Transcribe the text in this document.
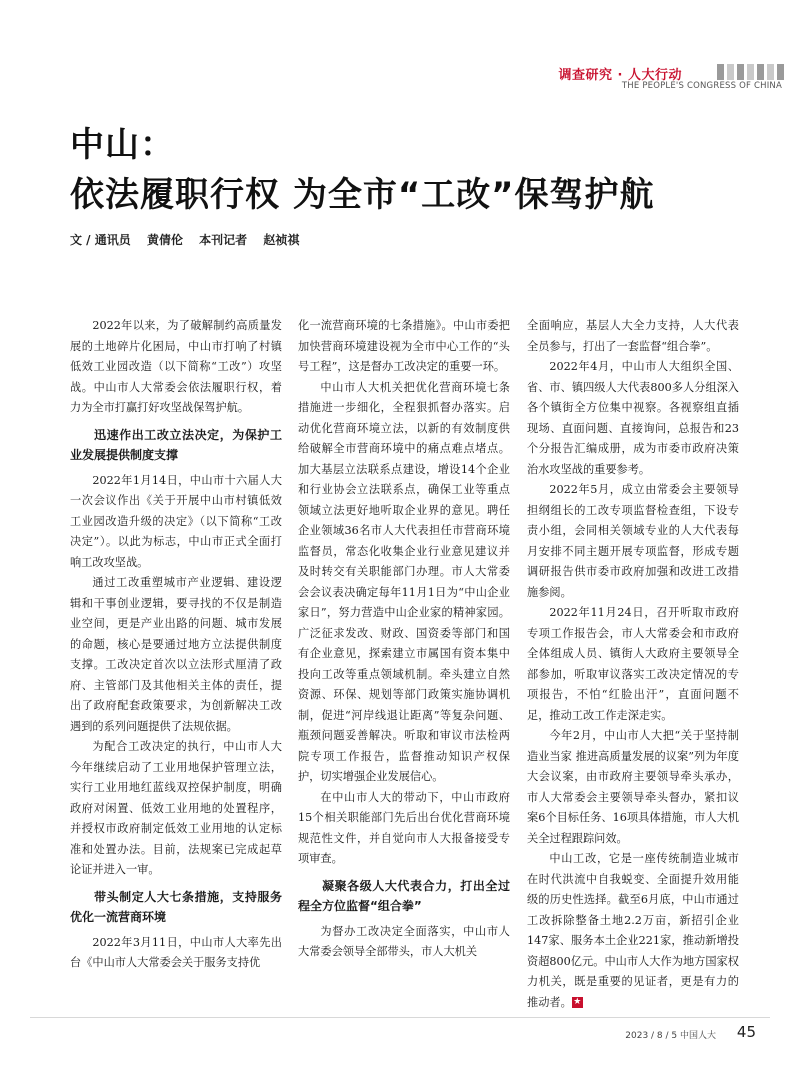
调查研究 · 人大行动
THE PEOPLE'S CONGRESS OF CHINA
中山：
依法履职行权 为全市“工改”保驾护航
文 / 通讯员 黄倩伦 本刊记者 赵祯祺

2022年以来，为了破解制约高质量发展的土地碎片化困局，中山市打响了村镇低效工业园改造（以下简称“工改”）攻坚战。中山市人大常委会依法履职行权，着力为全市打赢打好攻坚战保驾护航。

迅速作出工改立法决定，为保护工业发展提供制度支撑

2022年1月14日，中山市十六届人大一次会议作出《关于开展中山市村镇低效工业园改造升级的决定》（以下简称“工改决定”）。以此为标志，中山市正式全面打响工改攻坚战。

通过工改重塑城市产业逻辑、建设逻辑和干事创业逻辑，要寻找的不仅是制造业空间，更是产业出路的问题、城市发展的命题，核心是要通过地方立法提供制度支撑。工改决定首次以立法形式厘清了政府、主管部门及其他相关主体的责任，提出了政府配套政策要求，为创新解决工改遇到的系列问题提供了法规依据。

为配合工改决定的执行，中山市人大今年继续启动了工业用地保护管理立法，实行工业用地红蓝线双控保护制度，明确政府对闲置、低效工业用地的处置程序，并授权市政府制定低效工业用地的认定标准和处置办法。目前，法规案已完成起草论证并进入一审。

带头制定人大七条措施，支持服务优化一流营商环境

2022年3月11日，中山市人大率先出台《中山市人大常委会关于服务支持优

化一流营商环境的七条措施》。中山市委把加快营商环境建设视为全市中心工作的“头号工程”，这是督办工改决定的重要一环。

中山市人大机关把优化营商环境七条措施进一步细化，全程狠抓督办落实。启动优化营商环境立法，以新的有效制度供给破解全市营商环境中的痛点难点堵点。加大基层立法联系点建设，增设14个企业和行业协会立法联系点，确保工业等重点领域立法更好地听取企业界的意见。聘任企业领域36名市人大代表担任市营商环境监督员，常态化收集企业行业意见建议并及时转交有关职能部门办理。市人大常委会会议表决确定每年11月1日为“中山企业家日”，努力营造中山企业家的精神家园。广泛征求发改、财政、国资委等部门和国有企业意见，探索建立市属国有资本集中投向工改等重点领域机制。牵头建立自然资源、环保、规划等部门政策实施协调机制，促进“河岸线退让距离”等复杂问题、瓶颈问题妥善解决。听取和审议市法检两院专项工作报告，监督推动知识产权保护，切实增强企业发展信心。

在中山市人大的带动下，中山市政府15个相关职能部门先后出台优化营商环境规范性文件，并自觉向市人大报备接受专项审查。

凝聚各级人大代表合力，打出全过程全方位监督“组合拳”

为督办工改决定全面落实，中山市人大常委会领导全部带头，市人大机关

全面响应，基层人大全力支持，人大代表全员参与，打出了一套监督“组合拳”。

2022年4月，中山市人大组织全国、省、市、镇四级人大代表800多人分组深入各个镇街全方位集中视察。各视察组直插现场、直面问题、直接询问，总报告和23个分报告汇编成册，成为市委市政府决策治水攻坚战的重要参考。

2022年5月，成立由常委会主要领导担纲组长的工改专项监督检查组，下设专责小组，会同相关领域专业的人大代表每月安排不同主题开展专项监督，形成专题调研报告供市委市政府加强和改进工改措施参阅。

2022年11月24日，召开听取市政府专项工作报告会，市人大常委会和市政府全体组成人员、镇街人大政府主要领导全部参加，听取审议落实工改决定情况的专项报告，不怕“红脸出汗”，直面问题不足，推动工改工作走深走实。

今年2月，中山市人大把“关于坚持制造业当家 推进高质量发展的议案”列为年度大会议案，由市政府主要领导牵头承办，市人大常委会主要领导牵头督办，紧扣议案6个目标任务、16项具体措施，市人大机关全过程跟踪问效。

中山工改，它是一座传统制造业城市在时代洪流中自我蜕变、全面提升效用能级的历史性选择。截至6月底，中山市通过工改拆除整备土地2.2万亩，新招引企业147家、服务本土企业221家，推动新增投资超800亿元。中山市人大作为地方国家权力机关，既是重要的见证者，更是有力的推动者。★

2023 / 8 / 5 中国人大 45
